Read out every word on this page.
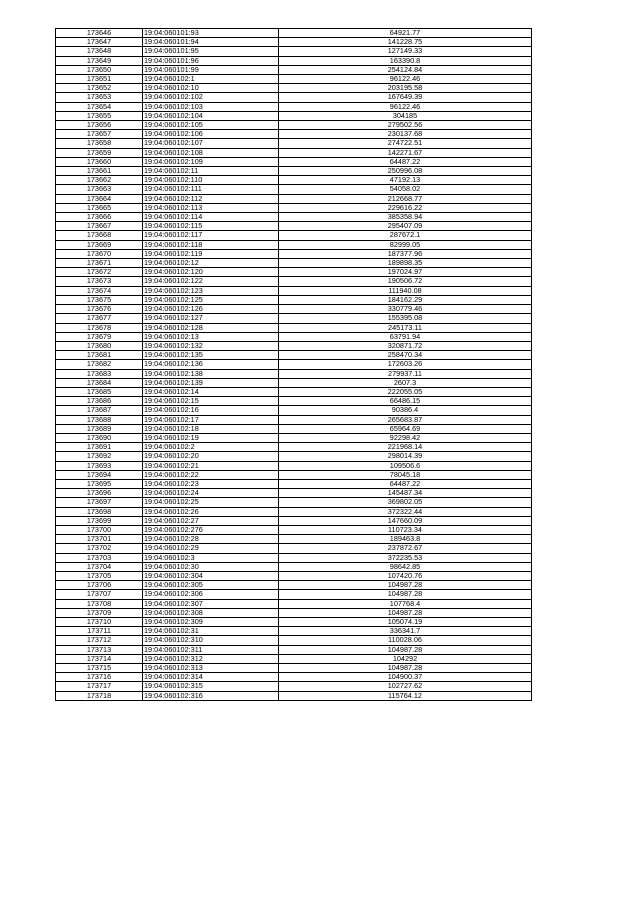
173646	19:04:060101:93	64921.77
173647	19:04:060101:94	141228.75
173648	19:04:060101:95	127149.33
173649	19:04:060101:96	163390.8
173650	19:04:060101:99	254124.84
173651	19:04:060102:1	96122.46
173652	19:04:060102:10	203195.58
173653	19:04:060102:102	167649.39
173654	19:04:060102:103	96122.46
173655	19:04:060102:104	304185
173656	19:04:060102:105	279502.56
173657	19:04:060102:106	230137.68
173658	19:04:060102:107	274722.51
173659	19:04:060102:108	142271.67
173660	19:04:060102:109	64487.22
173661	19:04:060102:11	250996.08
173662	19:04:060102:110	47192.13
173663	19:04:060102:111	54058.02
173664	19:04:060102:112	212668.77
173665	19:04:060102:113	229616.22
173666	19:04:060102:114	385358.94
173667	19:04:060102:115	295407.09
173668	19:04:060102:117	287672.1
173669	19:04:060102:118	82999.05
173670	19:04:060102:119	187377.96
173671	19:04:060102:12	189898.35
173672	19:04:060102:120	197024.97
173673	19:04:060102:122	190506.72
173674	19:04:060102:123	111940.08
173675	19:04:060102:125	184162.29
173676	19:04:060102:126	330779.46
173677	19:04:060102:127	155395.08
173678	19:04:060102:128	245173.11
173679	19:04:060102:13	63791.94
173680	19:04:060102:132	320871.72
173681	19:04:060102:135	258470.34
173682	19:04:060102:136	172603.26
173683	19:04:060102:138	279937.11
173684	19:04:060102:139	2607.3
173685	19:04:060102:14	222055.05
173686	19:04:060102:15	66486.15
173687	19:04:060102:16	90386.4
173688	19:04:060102:17	265683.87
173689	19:04:060102:18	65964.69
173690	19:04:060102:19	92298.42
173691	19:04:060102:2	221968.14
173692	19:04:060102:20	298014.39
173693	19:04:060102:21	109506.6
173694	19:04:060102:22	78045.18
173695	19:04:060102:23	64487.22
173696	19:04:060102:24	145487.34
173697	19:04:060102:25	369802.05
173698	19:04:060102:26	372322.44
173699	19:04:060102:27	147660.09
173700	19:04:060102:276	110723.34
173701	19:04:060102:28	189463.8
173702	19:04:060102:29	237872.67
173703	19:04:060102:3	372235.53
173704	19:04:060102:30	98642.85
173705	19:04:060102:304	107420.76
173706	19:04:060102:305	104987.28
173707	19:04:060102:306	104987.28
173708	19:04:060102:307	107768.4
173709	19:04:060102:308	104987.28
173710	19:04:060102:309	105074.19
173711	19:04:060102:31	336341.7
173712	19:04:060102:310	110028.06
173713	19:04:060102:311	104987.28
173714	19:04:060102:312	104292
173715	19:04:060102:313	104987.28
173716	19:04:060102:314	104900.37
173717	19:04:060102:315	102727.62
173718	19:04:060102:316	115764.12
